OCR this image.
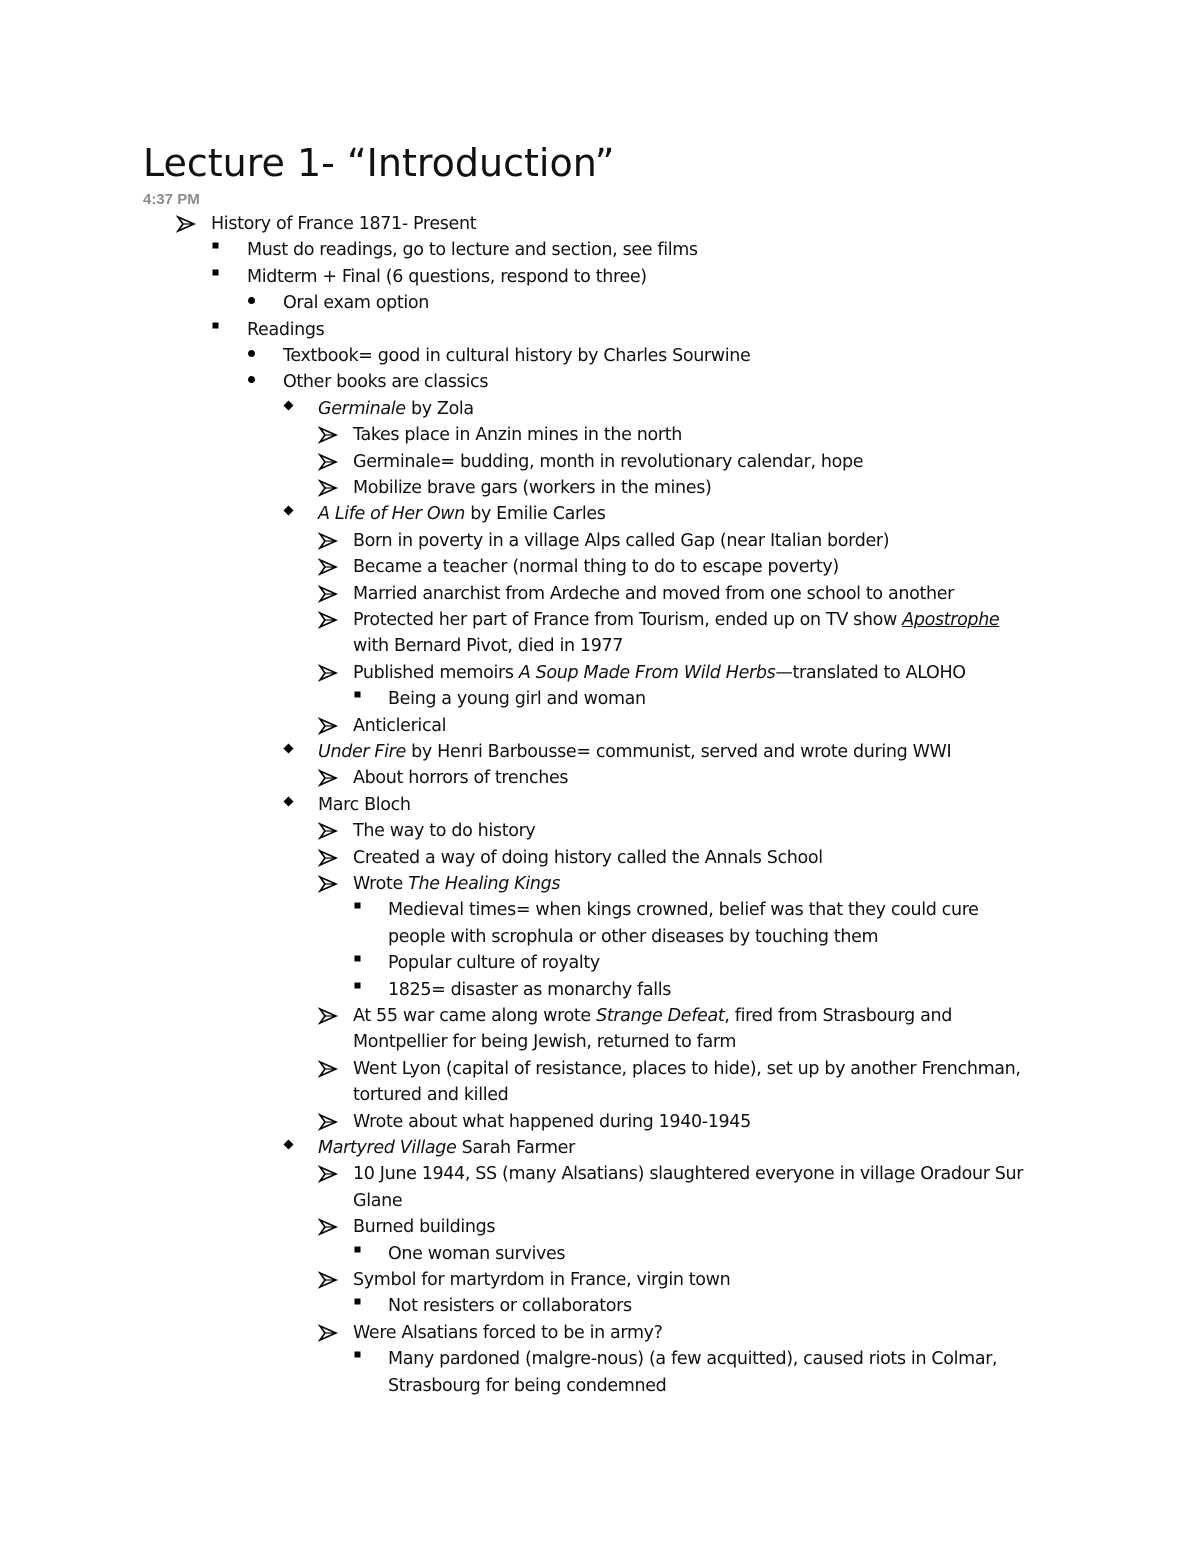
Lecture 1- “Introduction”
4:37 PM
History of France 1871- Present
Must do readings, go to lecture and section, see films
Midterm + Final (6 questions, respond to three)
Oral exam option
Readings
Textbook= good in cultural history by Charles Sourwine
Other books are classics
Germinale by Zola
Takes place in Anzin mines in the north
Germinale= budding, month in revolutionary calendar, hope
Mobilize brave gars (workers in the mines)
A Life of Her Own by Emilie Carles
Born in poverty in a village Alps called Gap (near Italian border)
Became a teacher (normal thing to do to escape poverty)
Married anarchist from Ardeche and moved from one school to another
Protected her part of France from Tourism, ended up on TV show Apostrophe
with Bernard Pivot, died in 1977
Published memoirs A Soup Made From Wild Herbs—translated to ALOHO
Being a young girl and woman
Anticlerical
Under Fire by Henri Barbousse= communist, served and wrote during WWI
About horrors of trenches
Marc Bloch
The way to do history
Created a way of doing history called the Annals School
Wrote The Healing Kings
Medieval times= when kings crowned, belief was that they could cure
people with scrophula or other diseases by touching them
Popular culture of royalty
1825= disaster as monarchy falls
At 55 war came along wrote Strange Defeat, fired from Strasbourg and
Montpellier for being Jewish, returned to farm
Went Lyon (capital of resistance, places to hide), set up by another Frenchman,
tortured and killed
Wrote about what happened during 1940-1945
Martyred Village Sarah Farmer
10 June 1944, SS (many Alsatians) slaughtered everyone in village Oradour Sur
Glane
Burned buildings
One woman survives
Symbol for martyrdom in France, virgin town
Not resisters or collaborators
Were Alsatians forced to be in army?
Many pardoned (malgre-nous) (a few acquitted), caused riots in Colmar,
Strasbourg for being condemned
